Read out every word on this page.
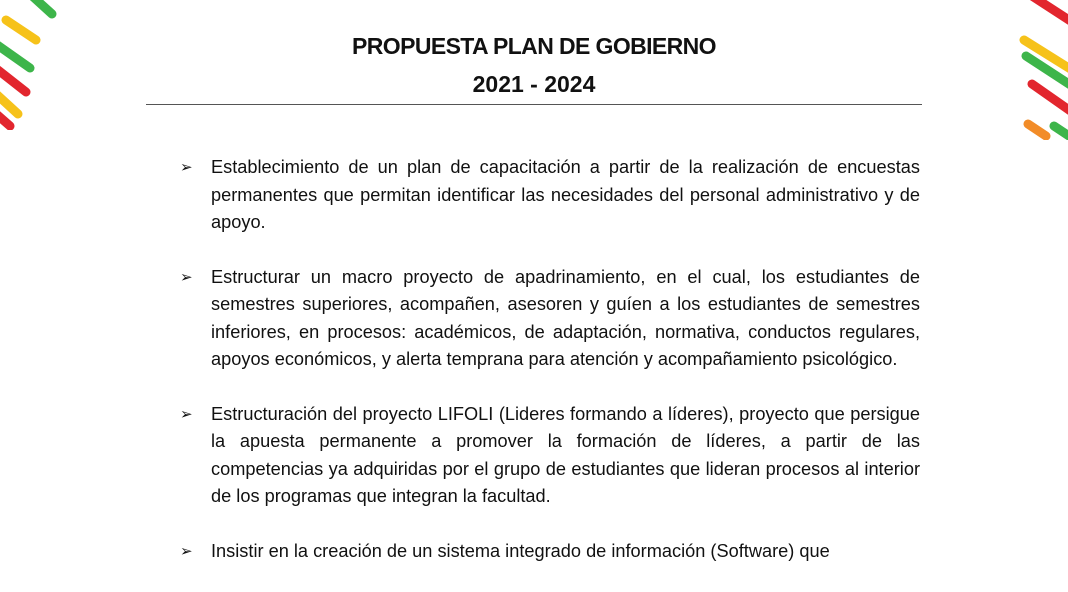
PROPUESTA PLAN DE GOBIERNO
2021 - 2024
➢ Establecimiento de un plan de capacitación a partir de la realización de encuestas permanentes que permitan identificar las necesidades del personal administrativo y de apoyo.
➢ Estructurar un macro proyecto de apadrinamiento, en el cual, los estudiantes de semestres superiores, acompañen, asesoren y guíen a los estudiantes de semestres inferiores, en procesos: académicos, de adaptación, normativa, conductos regulares, apoyos económicos, y alerta temprana para atención y acompañamiento psicológico.
➢ Estructuración del proyecto LIFOLI (Lideres formando a líderes), proyecto que persigue la apuesta permanente a promover la formación de líderes, a partir de las competencias ya adquiridas por el grupo de estudiantes que lideran procesos al interior de los programas que integran la facultad.
➢ Insistir en la creación de un sistema integrado de información (Software) que
